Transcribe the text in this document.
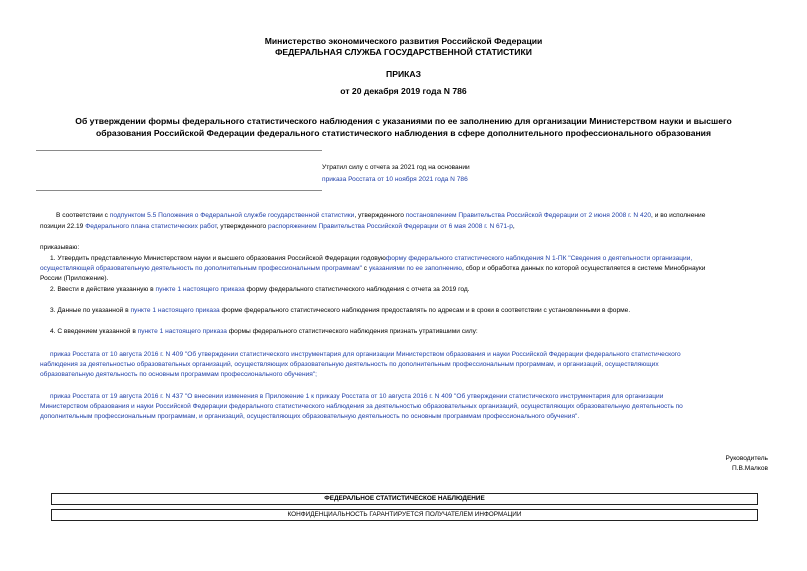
Министерство экономического развития Российской Федерации
ФЕДЕРАЛЬНАЯ СЛУЖБА ГОСУДАРСТВЕННОЙ СТАТИСТИКИ
ПРИКАЗ
от 20 декабря 2019 года N 786
Об утверждении формы федерального статистического наблюдения с указаниями по ее заполнению для организации Министерством науки и высшего
образования Российской Федерации федерального статистического наблюдения в сфере дополнительного профессионального образования
Утратил силу с отчета за 2021 год на основании
приказа Росстата от 10 ноября 2021 года N 786
В соответствии с подпунктом 5.5 Положения о Федеральной службе государственной статистики, утвержденного постановлением Правительства Российской Федерации от 2 июня 2008 г. N 420, и во исполнение
позиции 22.19 Федерального плана статистических работ, утвержденного распоряжением Правительства Российской Федерации от 6 мая 2008 г. N 671-р,
приказываю:
1. Утвердить представленную Министерством науки и высшего образования Российской Федерации годовуюформу федерального статистического наблюдения N 1-ПК "Сведения о деятельности организации,
осуществляющей образовательную деятельность по дополнительным профессиональным программам" с указаниями по ее заполнению, сбор и обработка данных по которой осуществляется в системе Минобрнауки
России (Приложение).
2. Ввести в действие указанную в пункте 1 настоящего приказа форму федерального статистического наблюдения с отчета за 2019 год.
3. Данные по указанной в пункте 1 настоящего приказа форме федерального статистического наблюдения предоставлять по адресам и в сроки в соответствии с установленными в форме.
4. С введением указанной в пункте 1 настоящего приказа формы федерального статистического наблюдения признать утратившими силу:
приказ Росстата от 10 августа 2016 г. N 409 "Об утверждении статистического инструментария для организации Министерством образования и науки Российской Федерации федерального статистического
наблюдения за деятельностью образовательных организаций, осуществляющих образовательную деятельность по дополнительным профессиональным программам, и организаций, осуществляющих
образовательную деятельность по основным программам профессионального обучения";
приказ Росстата от 19 августа 2016 г. N 437 "О внесении изменения в Приложение 1 к приказу Росстата от 10 августа 2016 г. N 409 "Об утверждении статистического инструментария для организации
Министерством образования и науки Российской Федерации федерального статистического наблюдения за деятельностью образовательных организаций, осуществляющих образовательную деятельность по
дополнительным профессиональным программам, и организаций, осуществляющих образовательную деятельность по основным программам профессионального обучения".
Руководитель
П.В.Малков
ФЕДЕРАЛЬНОЕ СТАТИСТИЧЕСКОЕ НАБЛЮДЕНИЕ
КОНФИДЕНЦИАЛЬНОСТЬ ГАРАНТИРУЕТСЯ ПОЛУЧАТЕЛЕМ ИНФОРМАЦИИ
